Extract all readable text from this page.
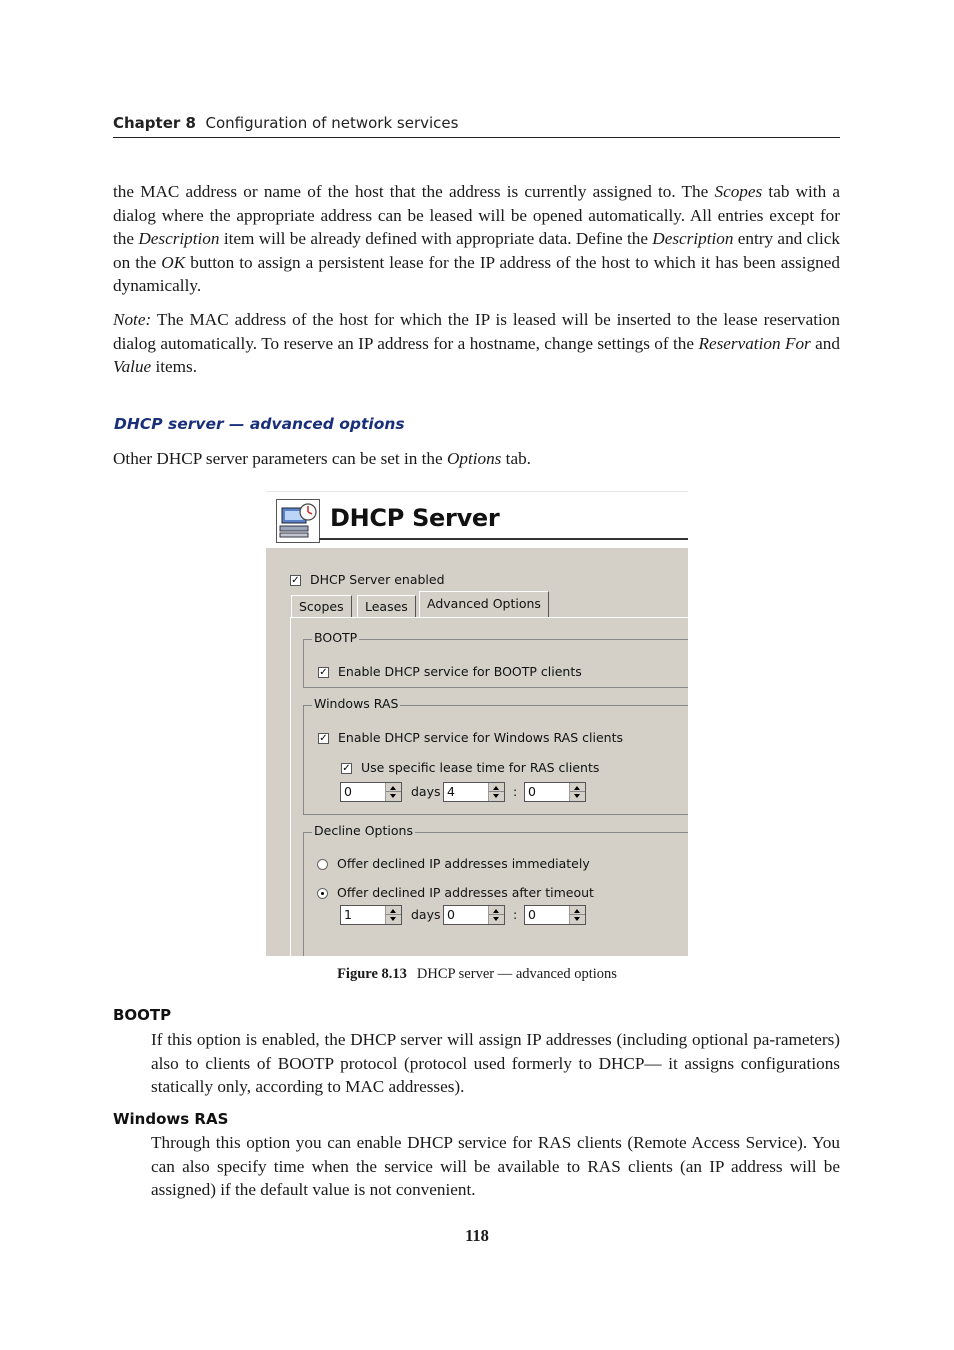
Chapter 8 Configuration of network services
the MAC address or name of the host that the address is currently assigned to. The Scopes tab with a dialog where the appropriate address can be leased will be opened automatically. All entries except for the Description item will be already defined with appropriate data. Define the Description entry and click on the OK button to assign a persistent lease for the IP address of the host to which it has been assigned dynamically.
Note: The MAC address of the host for which the IP is leased will be inserted to the lease reservation dialog automatically. To reserve an IP address for a hostname, change settings of the Reservation For and Value items.
DHCP server — advanced options
Other DHCP server parameters can be set in the Options tab.
DHCP Server
✓ DHCP Server enabled
Scopes	Leases	Advanced Options
BOOTP
✓ Enable DHCP service for BOOTP clients
Windows RAS
✓ Enable DHCP service for Windows RAS clients
✓ Use specific lease time for RAS clients
0	days 4	: 0
Decline Options
Offer declined IP addresses immediately
Offer declined IP addresses after timeout
1	days 0	: 0
Figure 8.13 DHCP server — advanced options
BOOTP
If this option is enabled, the DHCP server will assign IP addresses (including optional pa-rameters) also to clients of BOOTP protocol (protocol used formerly to DHCP— it assigns configurations statically only, according to MAC addresses).
Windows RAS
Through this option you can enable DHCP service for RAS clients (Remote Access Service). You can also specify time when the service will be available to RAS clients (an IP address will be assigned) if the default value is not convenient.
118
